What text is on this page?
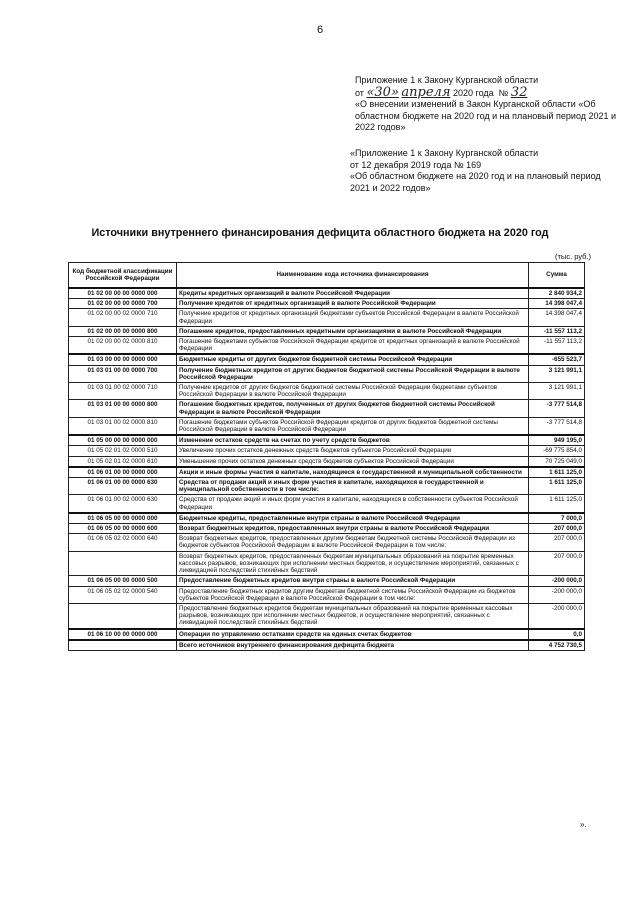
6
Приложение 1 к Закону Курганской области
от «30» апреля 2020 года № 32
«О внесении изменений в Закон Курганской области «Об областном бюджете на 2020 год и на плановый период 2021 и 2022 годов»
«Приложение 1 к Закону Курганской области
от 12 декабря 2019 года № 169
«Об областном бюджете на 2020 год и на плановый период 2021 и 2022 годов»
Источники внутреннего финансирования дефицита областного бюджета на 2020 год
(тыс. руб.)
Код бюджетной классификации Российской Федерации	Наименование кода источника финансирования	Сумма
01 02 00 00 00 0000 000	Кредиты кредитных организаций в валюте Российской Федерации	2 840 934,2
01 02 00 00 00 0000 700	Получение кредитов от кредитных организаций в валюте Российской Федерации	14 398 047,4
01 02 00 00 02 0000 710	Получение кредитов от кредитных организаций бюджетами субъектов Российской Федерации в валюте Российской Федерации	14 398 047,4
01 02 00 00 00 0000 800	Погашение кредитов, предоставленных кредитными организациями в валюте Российской Федерации	-11 557 113,2
01 02 00 00 02 0000 810	Погашение бюджетами субъектов Российской Федерации кредитов от кредитных организаций в валюте Российской Федерации	-11 557 113,2
01 03 00 00 00 0000 000	Бюджетные кредиты от других бюджетов бюджетной системы Российской Федерации	-655 523,7
01 03 01 00 00 0000 700	Получение бюджетных кредитов от других бюджетов бюджетной системы Российской Федерации в валюте Российской Федерации	3 121 991,1
01 03 01 00 02 0000 710	Получение кредитов от других бюджетов бюджетной системы Российской Федерации бюджетами субъектов Российской Федерации в валюте Российской Федерации	3 121 991,1
01 03 01 00 00 0000 800	Погашение бюджетных кредитов, полученных от других бюджетов бюджетной системы Российской Федерации в валюте Российской Федерации	-3 777 514,8
01 03 01 00 02 0000 810	Погашение бюджетами субъектов Российской Федерации кредитов от других бюджетов бюджетной системы Российской Федерации в валюте Российской Федерации	-3 777 514,8
01 05 00 00 00 0000 000	Изменение остатков средств на счетах по учету средств бюджетов	949 195,0
01 05 02 01 02 0000 510	Увеличение прочих остатков денежных средств бюджетов субъектов Российской Федерации	-69 775 854,0
01 05 02 01 02 0000 610	Уменьшение прочих остатков денежных средств бюджетов субъектов Российской Федерации	70 725 049,0
01 06 01 00 00 0000 000	Акции и иные формы участия в капитале, находящиеся в государственной и муниципальной собственности	1 611 125,0
01 06 01 00 00 0000 630	Средства от продажи акций и иных форм участия в капитале, находящихся в государственной и муниципальной собственности в том числе:	1 611 125,0
01 06 01 00 02 0000 630	Средства от продажи акций и иных форм участия в капитале, находящихся в собственности субъектов Российской Федерации	1 611 125,0
01 06 05 00 00 0000 000	Бюджетные кредиты, предоставленные внутри страны в валюте Российской Федерации	7 000,0
01 06 05 00 00 0000 600	Возврат бюджетных кредитов, предоставленных внутри страны в валюте Российской Федерации	207 000,0
01 06 05 02 02 0000 640	Возврат бюджетных кредитов, предоставленных другим бюджетам бюджетной системы Российской Федерации из бюджетов субъектов Российской Федерации в валюте Российской Федерации в том числе:	207 000,0
	Возврат бюджетных кредитов, предоставленных бюджетам муниципальных образований на покрытие временных кассовых разрывов, возникающих при исполнении местных бюджетов, и осуществление мероприятий, связанных с ликвидацией последствий стихийных бедствий	207 000,0
01 06 05 00 00 0000 500	Предоставление бюджетных кредитов внутри страны в валюте Российской Федерации	-200 000,0
01 06 05 02 02 0000 540	Предоставление бюджетных кредитов другим бюджетам бюджетной системы Российской Федерации из бюджетов субъектов Российской Федерации в валюте Российской Федерации в том числе:	-200 000,0
	Предоставление бюджетных кредитов бюджетам муниципальных образований на покрытие временных кассовых разрывов, возникающих при исполнении местных бюджетов, и осуществление мероприятий, связанных с ликвидацией последствий стихийных бедствий	-200 000,0
01 06 10 00 00 0000 000	Операции по управлению остатками средств на единых счетах бюджетов	0,0
	Всего источников внутреннего финансирования дефицита бюджета	4 752 730,5
».
